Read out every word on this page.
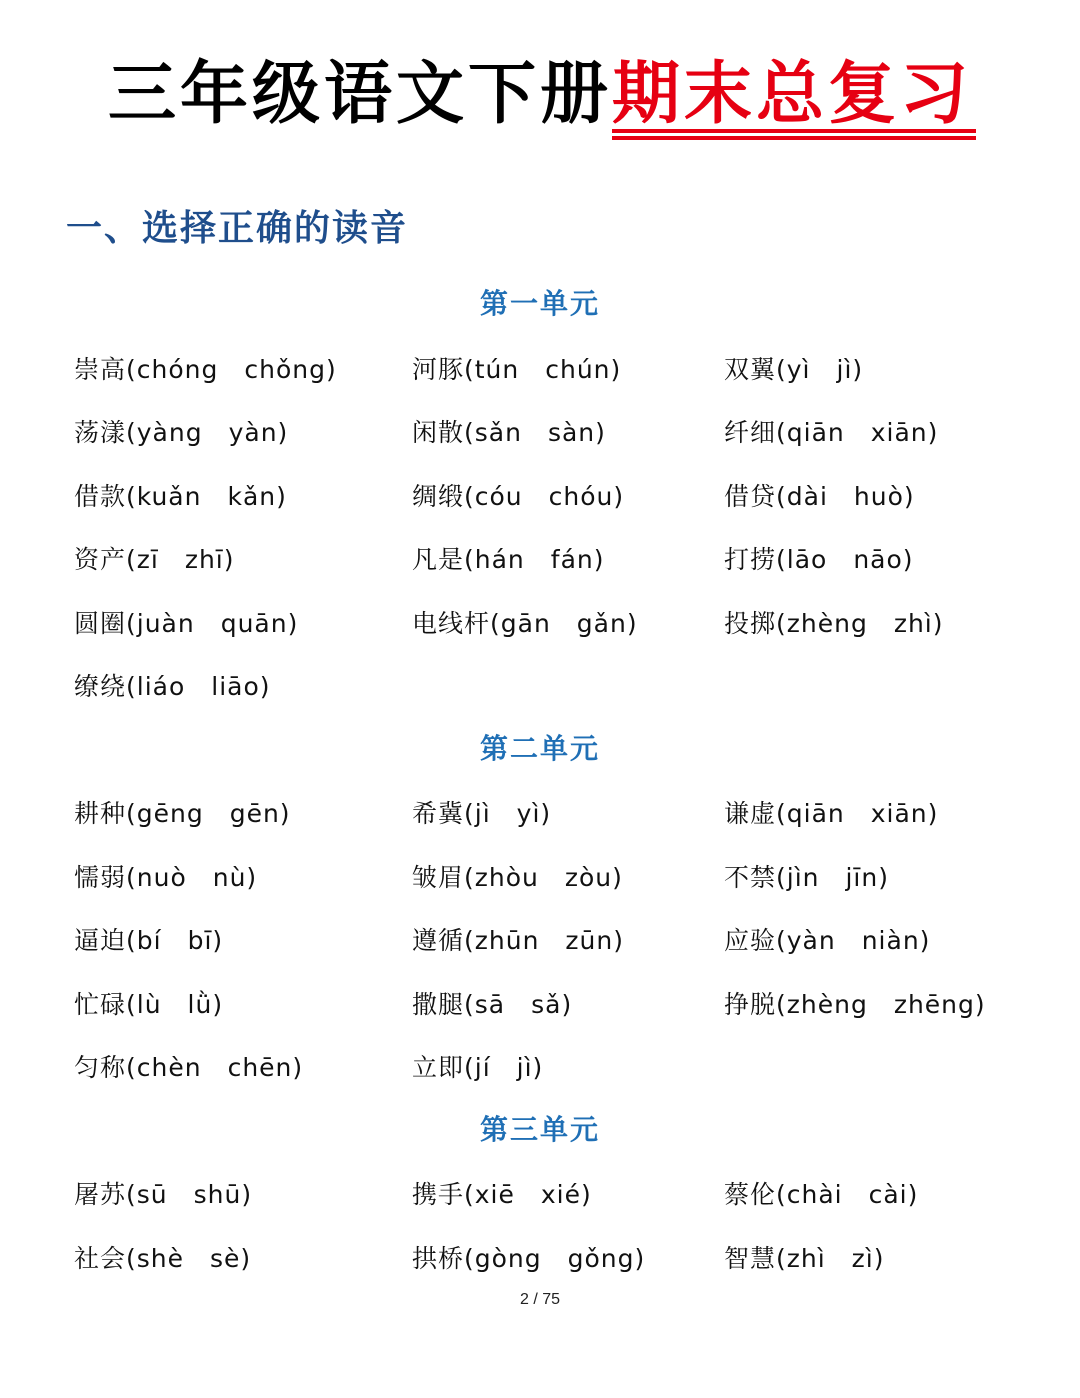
三年级语文下册期末总复习
一、选择正确的读音
第一单元
崇高(chóng　chǒng)	河豚(tún　chún)	双翼(yì　jì)
荡漾(yàng　yàn)	闲散(sǎn　sàn)	纤细(qiān　xiān)
借款(kuǎn　kǎn)	绸缎(cóu　chóu)	借贷(dài　huò)
资产(zī　zhī)	凡是(hán　fán)	打捞(lāo　nāo)
圆圈(juàn　quān)	电线杆(gān　gǎn)	投掷(zhèng　zhì)
缭绕(liáo　liāo)
第二单元
耕种(gēng　gēn)	希冀(jì　yì)	谦虚(qiān　xiān)
懦弱(nuò　nù)	皱眉(zhòu　zòu)	不禁(jìn　jīn)
逼迫(bí　bī)	遵循(zhūn　zūn)	应验(yàn　niàn)
忙碌(lù　lǜ)	撒腿(sā　sǎ)	挣脱(zhèng　zhēng)
匀称(chèn　chēn)	立即(jí　jì)
第三单元
屠苏(sū　shū)	携手(xiē　xié)	蔡伦(chài　cài)
社会(shè　sè)	拱桥(gòng　gǒng)	智慧(zhì　zì)
2 / 75
